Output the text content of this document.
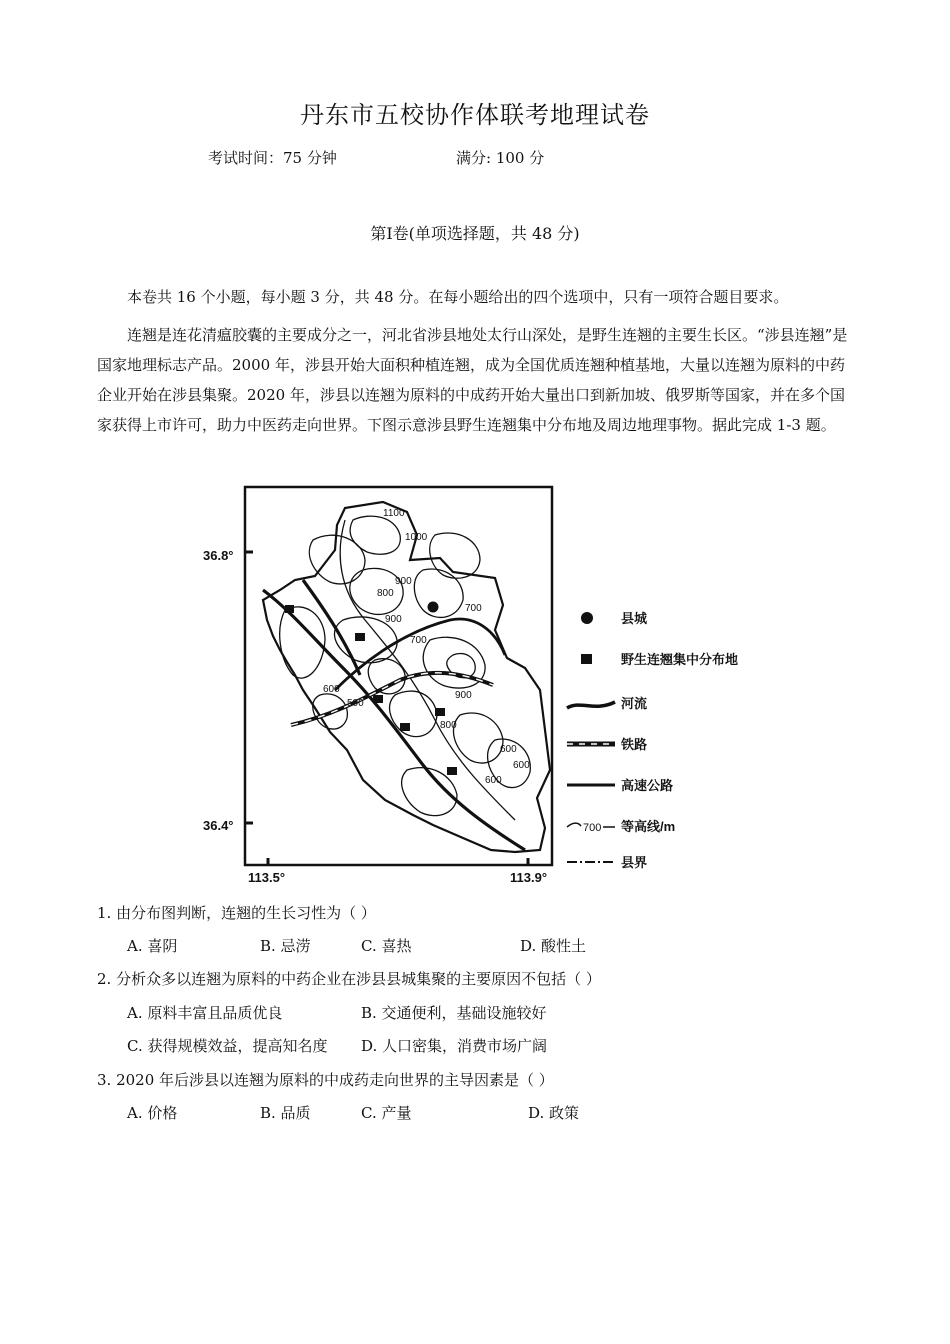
丹东市五校协作体联考地理试卷
考试时间：75 分钟	满分: 100 分
第Ⅰ卷(单项选择题，共 48 分)
本卷共 16 个小题，每小题 3 分，共 48 分。在每小题给出的四个选项中，只有一项符合题目要求。
连翘是连花清瘟胶囊的主要成分之一，河北省涉县地处太行山深处，是野生连翘的主要生长区。“涉县连翘”是国家地理标志产品。2000 年，涉县开始大面积种植连翘，成为全国优质连翘种植基地，大量以连翘为原料的中药企业开始在涉县集聚。2020 年，涉县以连翘为原料的中成药开始大量出口到新加坡、俄罗斯等国家，并在多个国家获得上市许可，助力中医药走向世界。下图示意涉县野生连翘集中分布地及周边地理事物。据此完成 1-3 题。
36.8°
36.4°
113.5°	113.9°
1100
1000
900
800
900
700
700
600
500
900
800
600
600
600
县城
野生连翘集中分布地
河流
铁路
高速公路
700 等高线/m
县界
1. 由分布图判断，连翘的生长习性为（ ）
A. 喜阴	B. 忌涝	C. 喜热	D. 酸性土
2. 分析众多以连翘为原料的中药企业在涉县县城集聚的主要原因不包括（ ）
A. 原料丰富且品质优良	B. 交通便利，基础设施较好
C. 获得规模效益，提高知名度 D. 人口密集，消费市场广阔
3. 2020 年后涉县以连翘为原料的中成药走向世界的主导因素是（ ）
A. 价格	B. 品质	C. 产量	D. 政策
